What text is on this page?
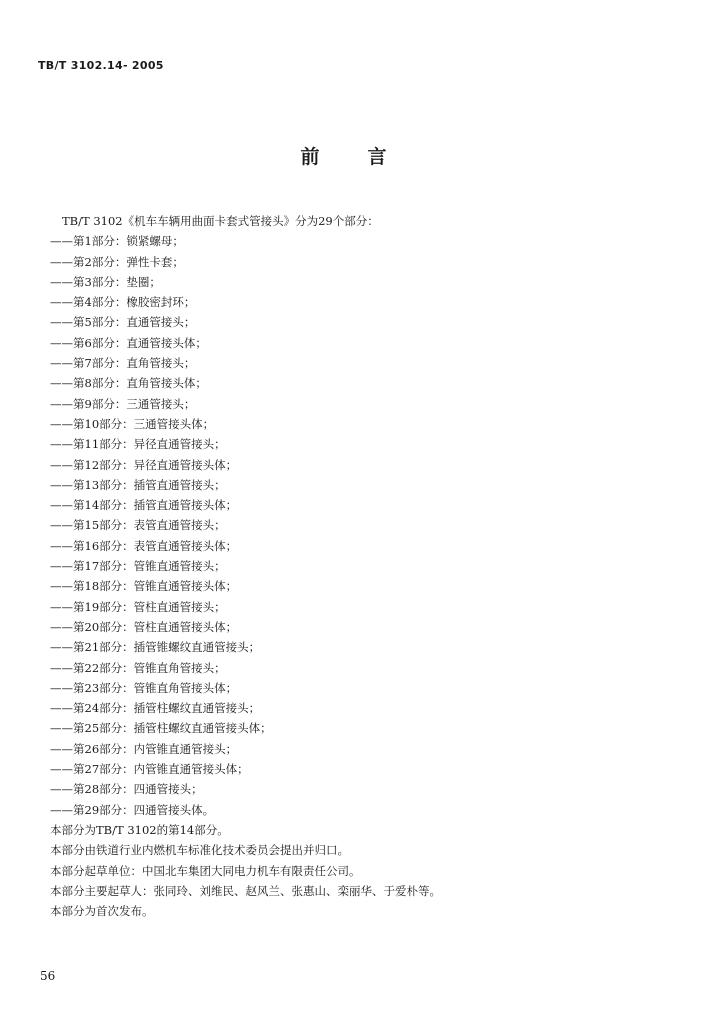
TB/T 3102.14- 2005
前言
TB/T 3102《机车车辆用曲面卡套式管接头》分为29个部分：
——第1部分：锁紧螺母；
——第2部分：弹性卡套；
——第3部分：垫圈；
——第4部分：橡胶密封环；
——第5部分：直通管接头；
——第6部分：直通管接头体；
——第7部分：直角管接头；
——第8部分：直角管接头体；
——第9部分：三通管接头；
——第10部分：三通管接头体；
——第11部分：异径直通管接头；
——第12部分：异径直通管接头体；
——第13部分：插管直通管接头；
——第14部分：插管直通管接头体；
——第15部分：表管直通管接头；
——第16部分：表管直通管接头体；
——第17部分：管锥直通管接头；
——第18部分：管锥直通管接头体；
——第19部分：管柱直通管接头；
——第20部分：管柱直通管接头体；
——第21部分：插管锥螺纹直通管接头；
——第22部分：管锥直角管接头；
——第23部分：管锥直角管接头体；
——第24部分：插管柱螺纹直通管接头；
——第25部分：插管柱螺纹直通管接头体；
——第26部分：内管锥直通管接头；
——第27部分：内管锥直通管接头体；
——第28部分：四通管接头；
——第29部分：四通管接头体。
本部分为TB/T 3102的第14部分。
本部分由铁道行业内燃机车标准化技术委员会提出并归口。
本部分起草单位：中国北车集团大同电力机车有限责任公司。
本部分主要起草人：张同玲、刘维民、赵风兰、张惠山、栾丽华、于爱朴等。
本部分为首次发布。
56
